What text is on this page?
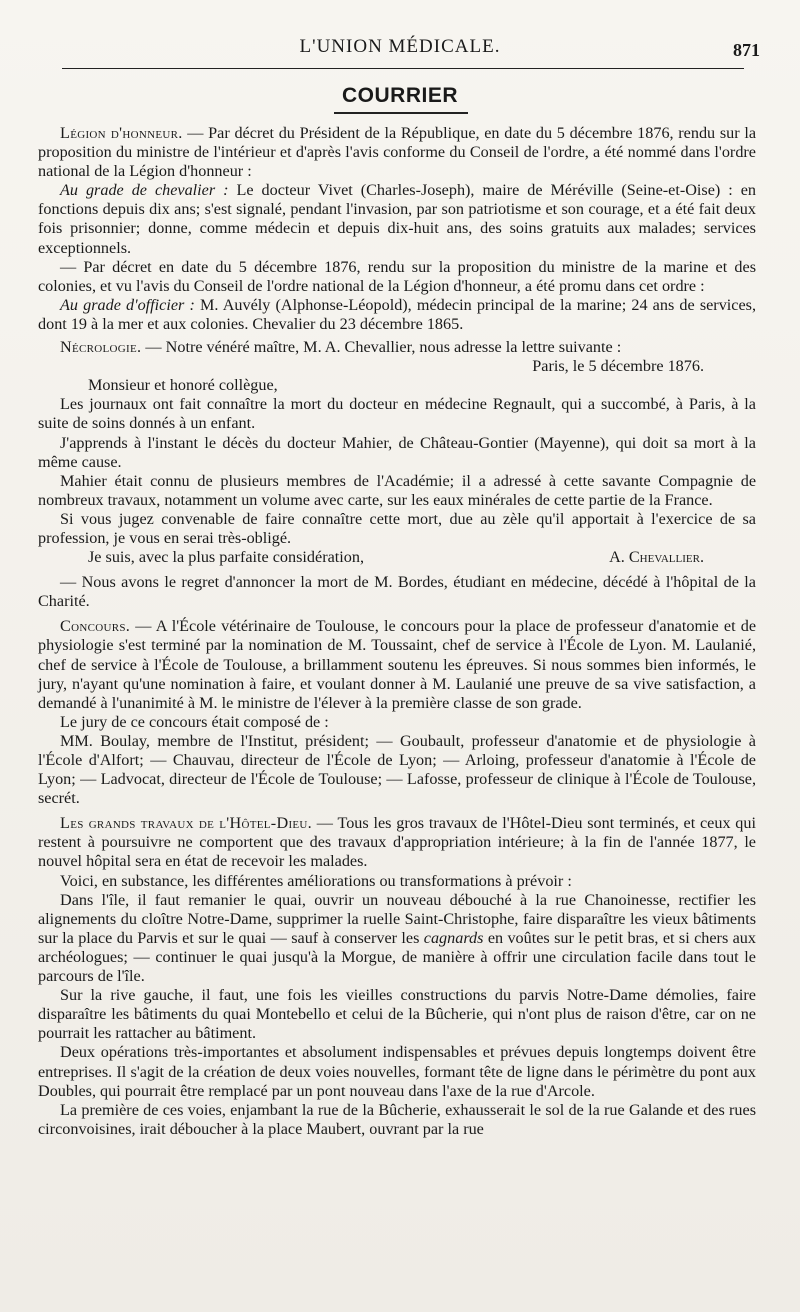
L'UNION MÉDICALE.	871
COURRIER

Légion d'honneur. — Par décret du Président de la République, en date du 5 décembre 1876, rendu sur la proposition du ministre de l'intérieur et d'après l'avis conforme du Conseil de l'ordre, a été nommé dans l'ordre national de la Légion d'honneur :

Au grade de chevalier : Le docteur Vivet (Charles-Joseph), maire de Méréville (Seine-et-Oise) : en fonctions depuis dix ans; s'est signalé, pendant l'invasion, par son patriotisme et son courage, et a été fait deux fois prisonnier; donne, comme médecin et depuis dix-huit ans, des soins gratuits aux malades; services exceptionnels.

— Par décret en date du 5 décembre 1876, rendu sur la proposition du ministre de la marine et des colonies, et vu l'avis du Conseil de l'ordre national de la Légion d'honneur, a été promu dans cet ordre :

Au grade d'officier : M. Auvély (Alphonse-Léopold), médecin principal de la marine; 24 ans de services, dont 19 à la mer et aux colonies. Chevalier du 23 décembre 1865.

Nécrologie. — Notre vénéré maître, M. A. Chevallier, nous adresse la lettre suivante :

Paris, le 5 décembre 1876.

Monsieur et honoré collègue,

Les journaux ont fait connaître la mort du docteur en médecine Regnault, qui a succombé, à Paris, à la suite de soins donnés à un enfant.

J'apprends à l'instant le décès du docteur Mahier, de Château-Gontier (Mayenne), qui doit sa mort à la même cause.

Mahier était connu de plusieurs membres de l'Académie; il a adressé à cette savante Compagnie de nombreux travaux, notamment un volume avec carte, sur les eaux minérales de cette partie de la France.

Si vous jugez convenable de faire connaître cette mort, due au zèle qu'il apportait à l'exercice de sa profession, je vous en serai très-obligé.

Je suis, avec la plus parfaite considération,	A. Chevallier.

— Nous avons le regret d'annoncer la mort de M. Bordes, étudiant en médecine, décédé à l'hôpital de la Charité.

Concours. — A l'École vétérinaire de Toulouse, le concours pour la place de professeur d'anatomie et de physiologie s'est terminé par la nomination de M. Toussaint, chef de service à l'École de Lyon. M. Laulanié, chef de service à l'École de Toulouse, a brillamment soutenu les épreuves. Si nous sommes bien informés, le jury, n'ayant qu'une nomination à faire, et voulant donner à M. Laulanié une preuve de sa vive satisfaction, a demandé à l'unanimité à M. le ministre de l'élever à la première classe de son grade.

Le jury de ce concours était composé de :

MM. Boulay, membre de l'Institut, président; — Goubault, professeur d'anatomie et de physiologie à l'École d'Alfort; — Chauvau, directeur de l'École de Lyon; — Arloing, professeur d'anatomie à l'École de Lyon; — Ladvocat, directeur de l'École de Toulouse; — Lafosse, professeur de clinique à l'École de Toulouse, secrét.

Les grands travaux de l'Hôtel-Dieu. — Tous les gros travaux de l'Hôtel-Dieu sont terminés, et ceux qui restent à poursuivre ne comportent que des travaux d'appropriation intérieure; à la fin de l'année 1877, le nouvel hôpital sera en état de recevoir les malades.

Voici, en substance, les différentes améliorations ou transformations à prévoir :

Dans l'île, il faut remanier le quai, ouvrir un nouveau débouché à la rue Chanoinesse, rectifier les alignements du cloître Notre-Dame, supprimer la ruelle Saint-Christophe, faire disparaître les vieux bâtiments sur la place du Parvis et sur le quai — sauf à conserver les cagnards en voûtes sur le petit bras, et si chers aux archéologues; — continuer le quai jusqu'à la Morgue, de manière à offrir une circulation facile dans tout le parcours de l'île.

Sur la rive gauche, il faut, une fois les vieilles constructions du parvis Notre-Dame démolies, faire disparaître les bâtiments du quai Montebello et celui de la Bûcherie, qui n'ont plus de raison d'être, car on ne pourrait les rattacher au bâtiment.

Deux opérations très-importantes et absolument indispensables et prévues depuis longtemps doivent être entreprises. Il s'agit de la création de deux voies nouvelles, formant tête de ligne dans le périmètre du pont aux Doubles, qui pourrait être remplacé par un pont nouveau dans l'axe de la rue d'Arcole.

La première de ces voies, enjambant la rue de la Bûcherie, exhausserait le sol de la rue Galande et des rues circonvoisines, irait déboucher à la place Maubert, ouvrant par la rue
